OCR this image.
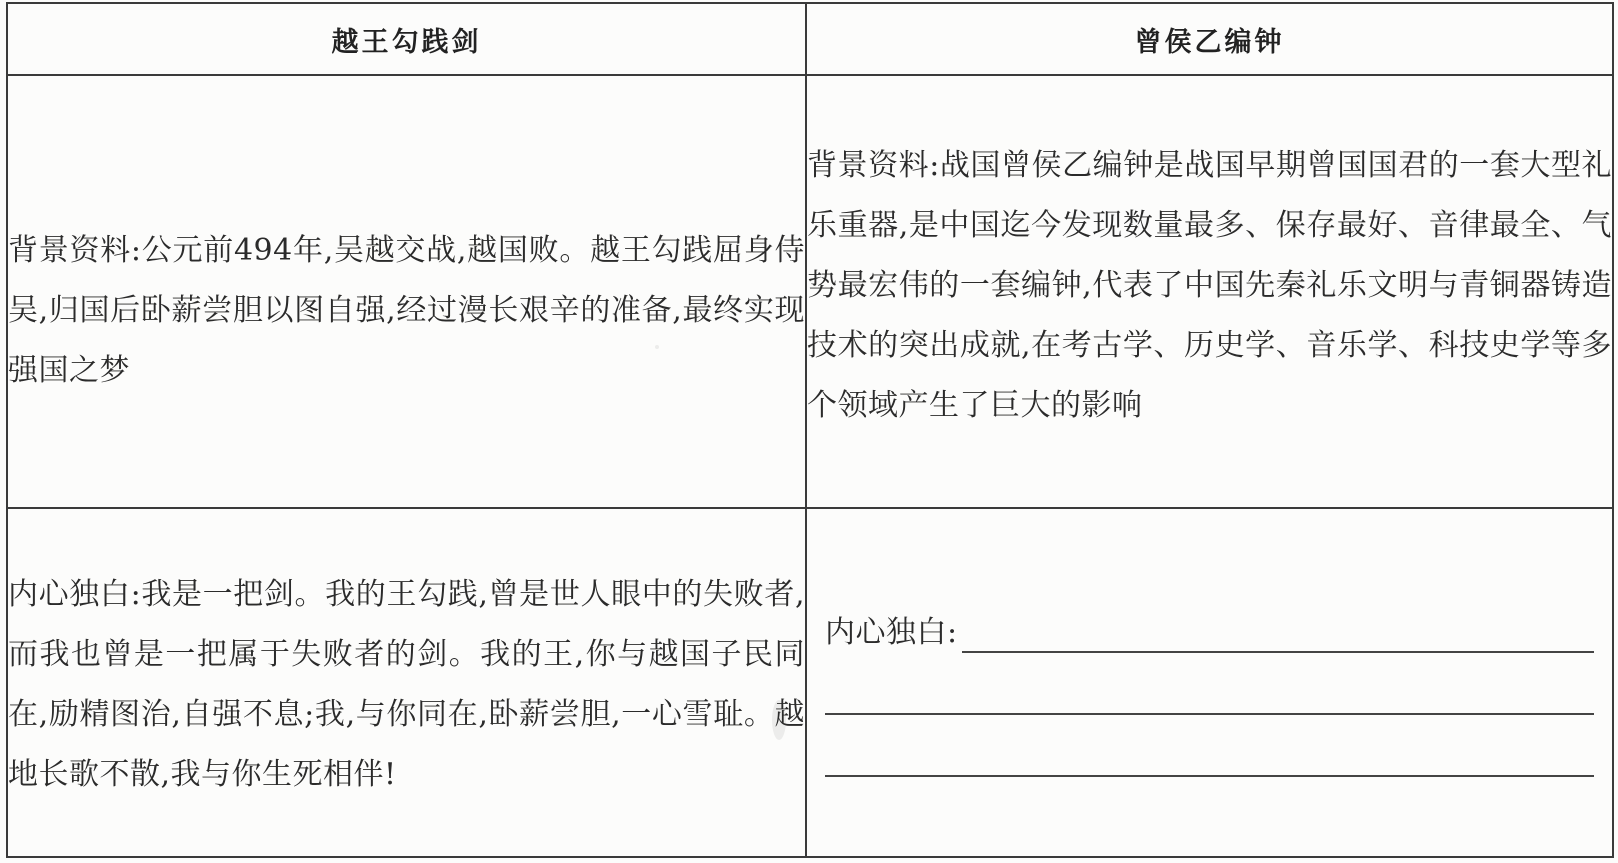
越王勾践剑	曾侯乙编钟

背景资料:公元前494年,吴越交战,越国败。越王勾践屈身侍吴,归国后卧薪尝胆以图自强,经过漫长艰辛的准备,最终实现强国之梦	背景资料:战国曾侯乙编钟是战国早期曾国国君的一套大型礼乐重器,是中国迄今发现数量最多、保存最好、音律最全、气势最宏伟的一套编钟,代表了中国先秦礼乐文明与青铜器铸造技术的突出成就,在考古学、历史学、音乐学、科技史学等多个领域产生了巨大的影响

内心独白:我是一把剑。我的王勾践,曾是世人眼中的失败者,而我也曾是一把属于失败者的剑。我的王,你与越国子民同在,励精图治,自强不息;我,与你同在,卧薪尝胆,一心雪耻。越地长歌不散,我与你生死相伴!	内心独白:
